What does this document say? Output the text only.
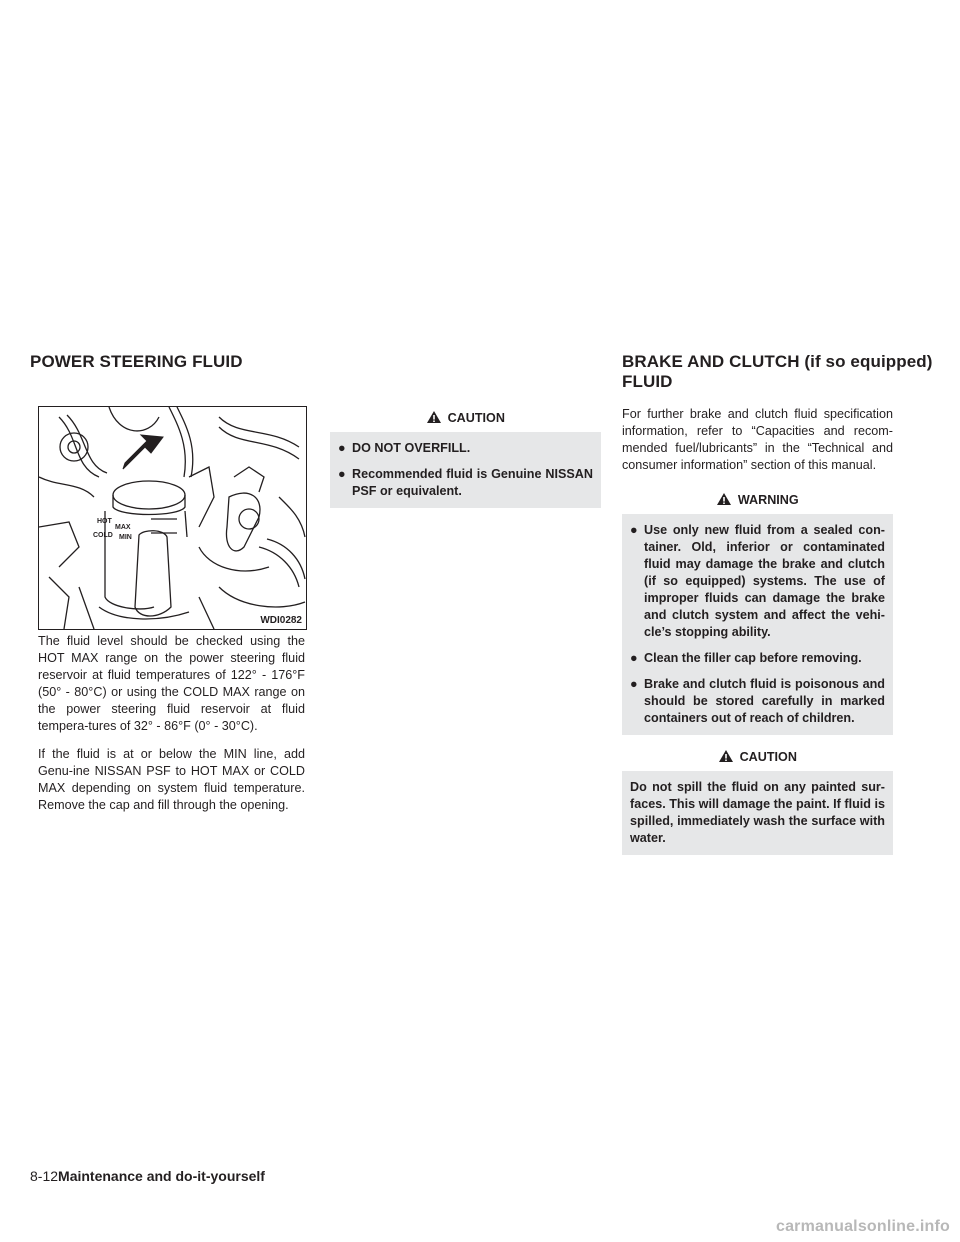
POWER STEERING FLUID	BRAKE AND CLUTCH (if so equipped)
FLUID
HOT
MAX
COLD MIN
WDI0282

The fluid level should be checked using the HOT MAX range on the power steering fluid reservoir at fluid temperatures of 122° - 176°F (50° - 80°C) or using the COLD MAX range on the power steering fluid reservoir at fluid tempera-tures of 32° - 86°F (0° - 30°C).

If the fluid is at or below the MIN line, add Genu-ine NISSAN PSF to HOT MAX or COLD MAX depending on system fluid temperature. Remove the cap and fill through the opening.

CAUTION
● DO NOT OVERFILL.
● Recommended fluid is Genuine NISSAN PSF or equivalent.

For further brake and clutch fluid specification information, refer to “Capacities and recom-mended fuel/lubricants” in the “Technical and consumer information” section of this manual.

WARNING
● Use only new fluid from a sealed con-tainer. Old, inferior or contaminated fluid may damage the brake and clutch (if so equipped) systems. The use of improper fluids can damage the brake and clutch system and affect the vehi-cle’s stopping ability.
● Clean the filler cap before removing.
● Brake and clutch fluid is poisonous and should be stored carefully in marked containers out of reach of children.
CAUTION
Do not spill the fluid on any painted sur-faces. This will damage the paint. If fluid is spilled, immediately wash the surface with water.
8-12Maintenance and do-it-yourself
carmanualsonline.info
